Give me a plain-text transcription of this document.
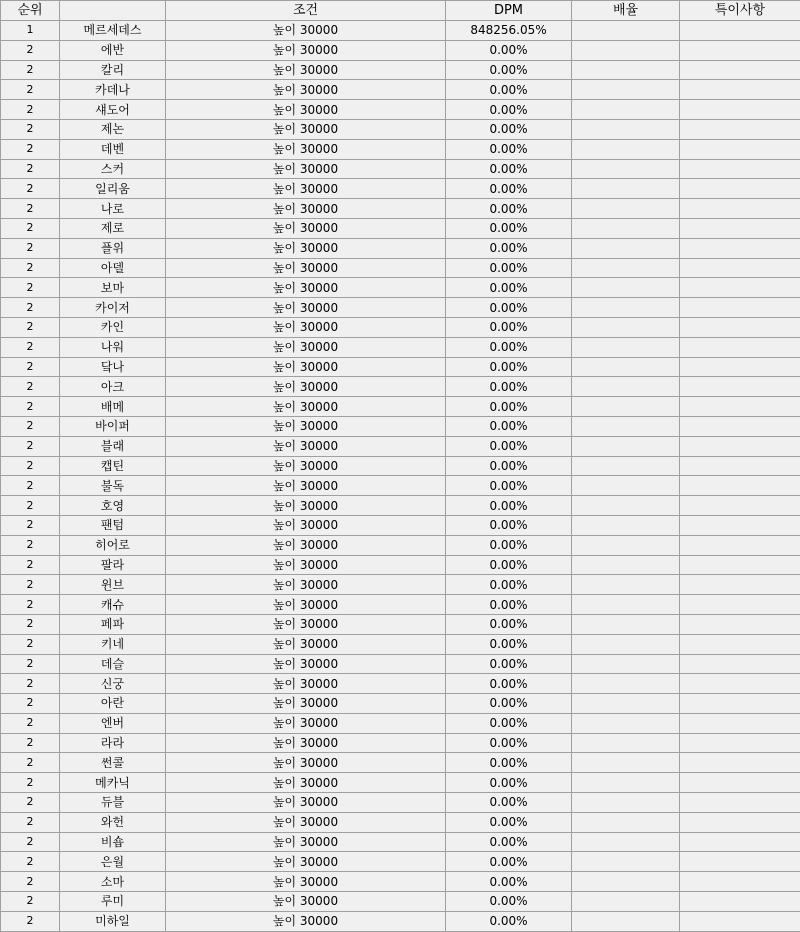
순위		조건	DPM	배율	특이사항
1	메르세데스	높이 30000	848256.05%		
2	에반	높이 30000	0.00%		
2	칼리	높이 30000	0.00%		
2	카데나	높이 30000	0.00%		
2	섀도어	높이 30000	0.00%		
2	제논	높이 30000	0.00%		
2	데벤	높이 30000	0.00%		
2	스커	높이 30000	0.00%		
2	일리움	높이 30000	0.00%		
2	나로	높이 30000	0.00%		
2	제로	높이 30000	0.00%		
2	플위	높이 30000	0.00%		
2	아델	높이 30000	0.00%		
2	보마	높이 30000	0.00%		
2	카이저	높이 30000	0.00%		
2	카인	높이 30000	0.00%		
2	나워	높이 30000	0.00%		
2	닼나	높이 30000	0.00%		
2	아크	높이 30000	0.00%		
2	배메	높이 30000	0.00%		
2	바이퍼	높이 30000	0.00%		
2	블래	높이 30000	0.00%		
2	캡틴	높이 30000	0.00%		
2	불독	높이 30000	0.00%		
2	호영	높이 30000	0.00%		
2	팬텀	높이 30000	0.00%		
2	히어로	높이 30000	0.00%		
2	팔라	높이 30000	0.00%		
2	윈브	높이 30000	0.00%		
2	캐슈	높이 30000	0.00%		
2	페파	높이 30000	0.00%		
2	키네	높이 30000	0.00%		
2	데슬	높이 30000	0.00%		
2	신궁	높이 30000	0.00%		
2	아란	높이 30000	0.00%		
2	엔버	높이 30000	0.00%		
2	라라	높이 30000	0.00%		
2	썬콜	높이 30000	0.00%		
2	메카닉	높이 30000	0.00%		
2	듀블	높이 30000	0.00%		
2	와헌	높이 30000	0.00%		
2	비숍	높이 30000	0.00%		
2	은월	높이 30000	0.00%		
2	소마	높이 30000	0.00%		
2	루미	높이 30000	0.00%		
2	미하일	높이 30000	0.00%		
